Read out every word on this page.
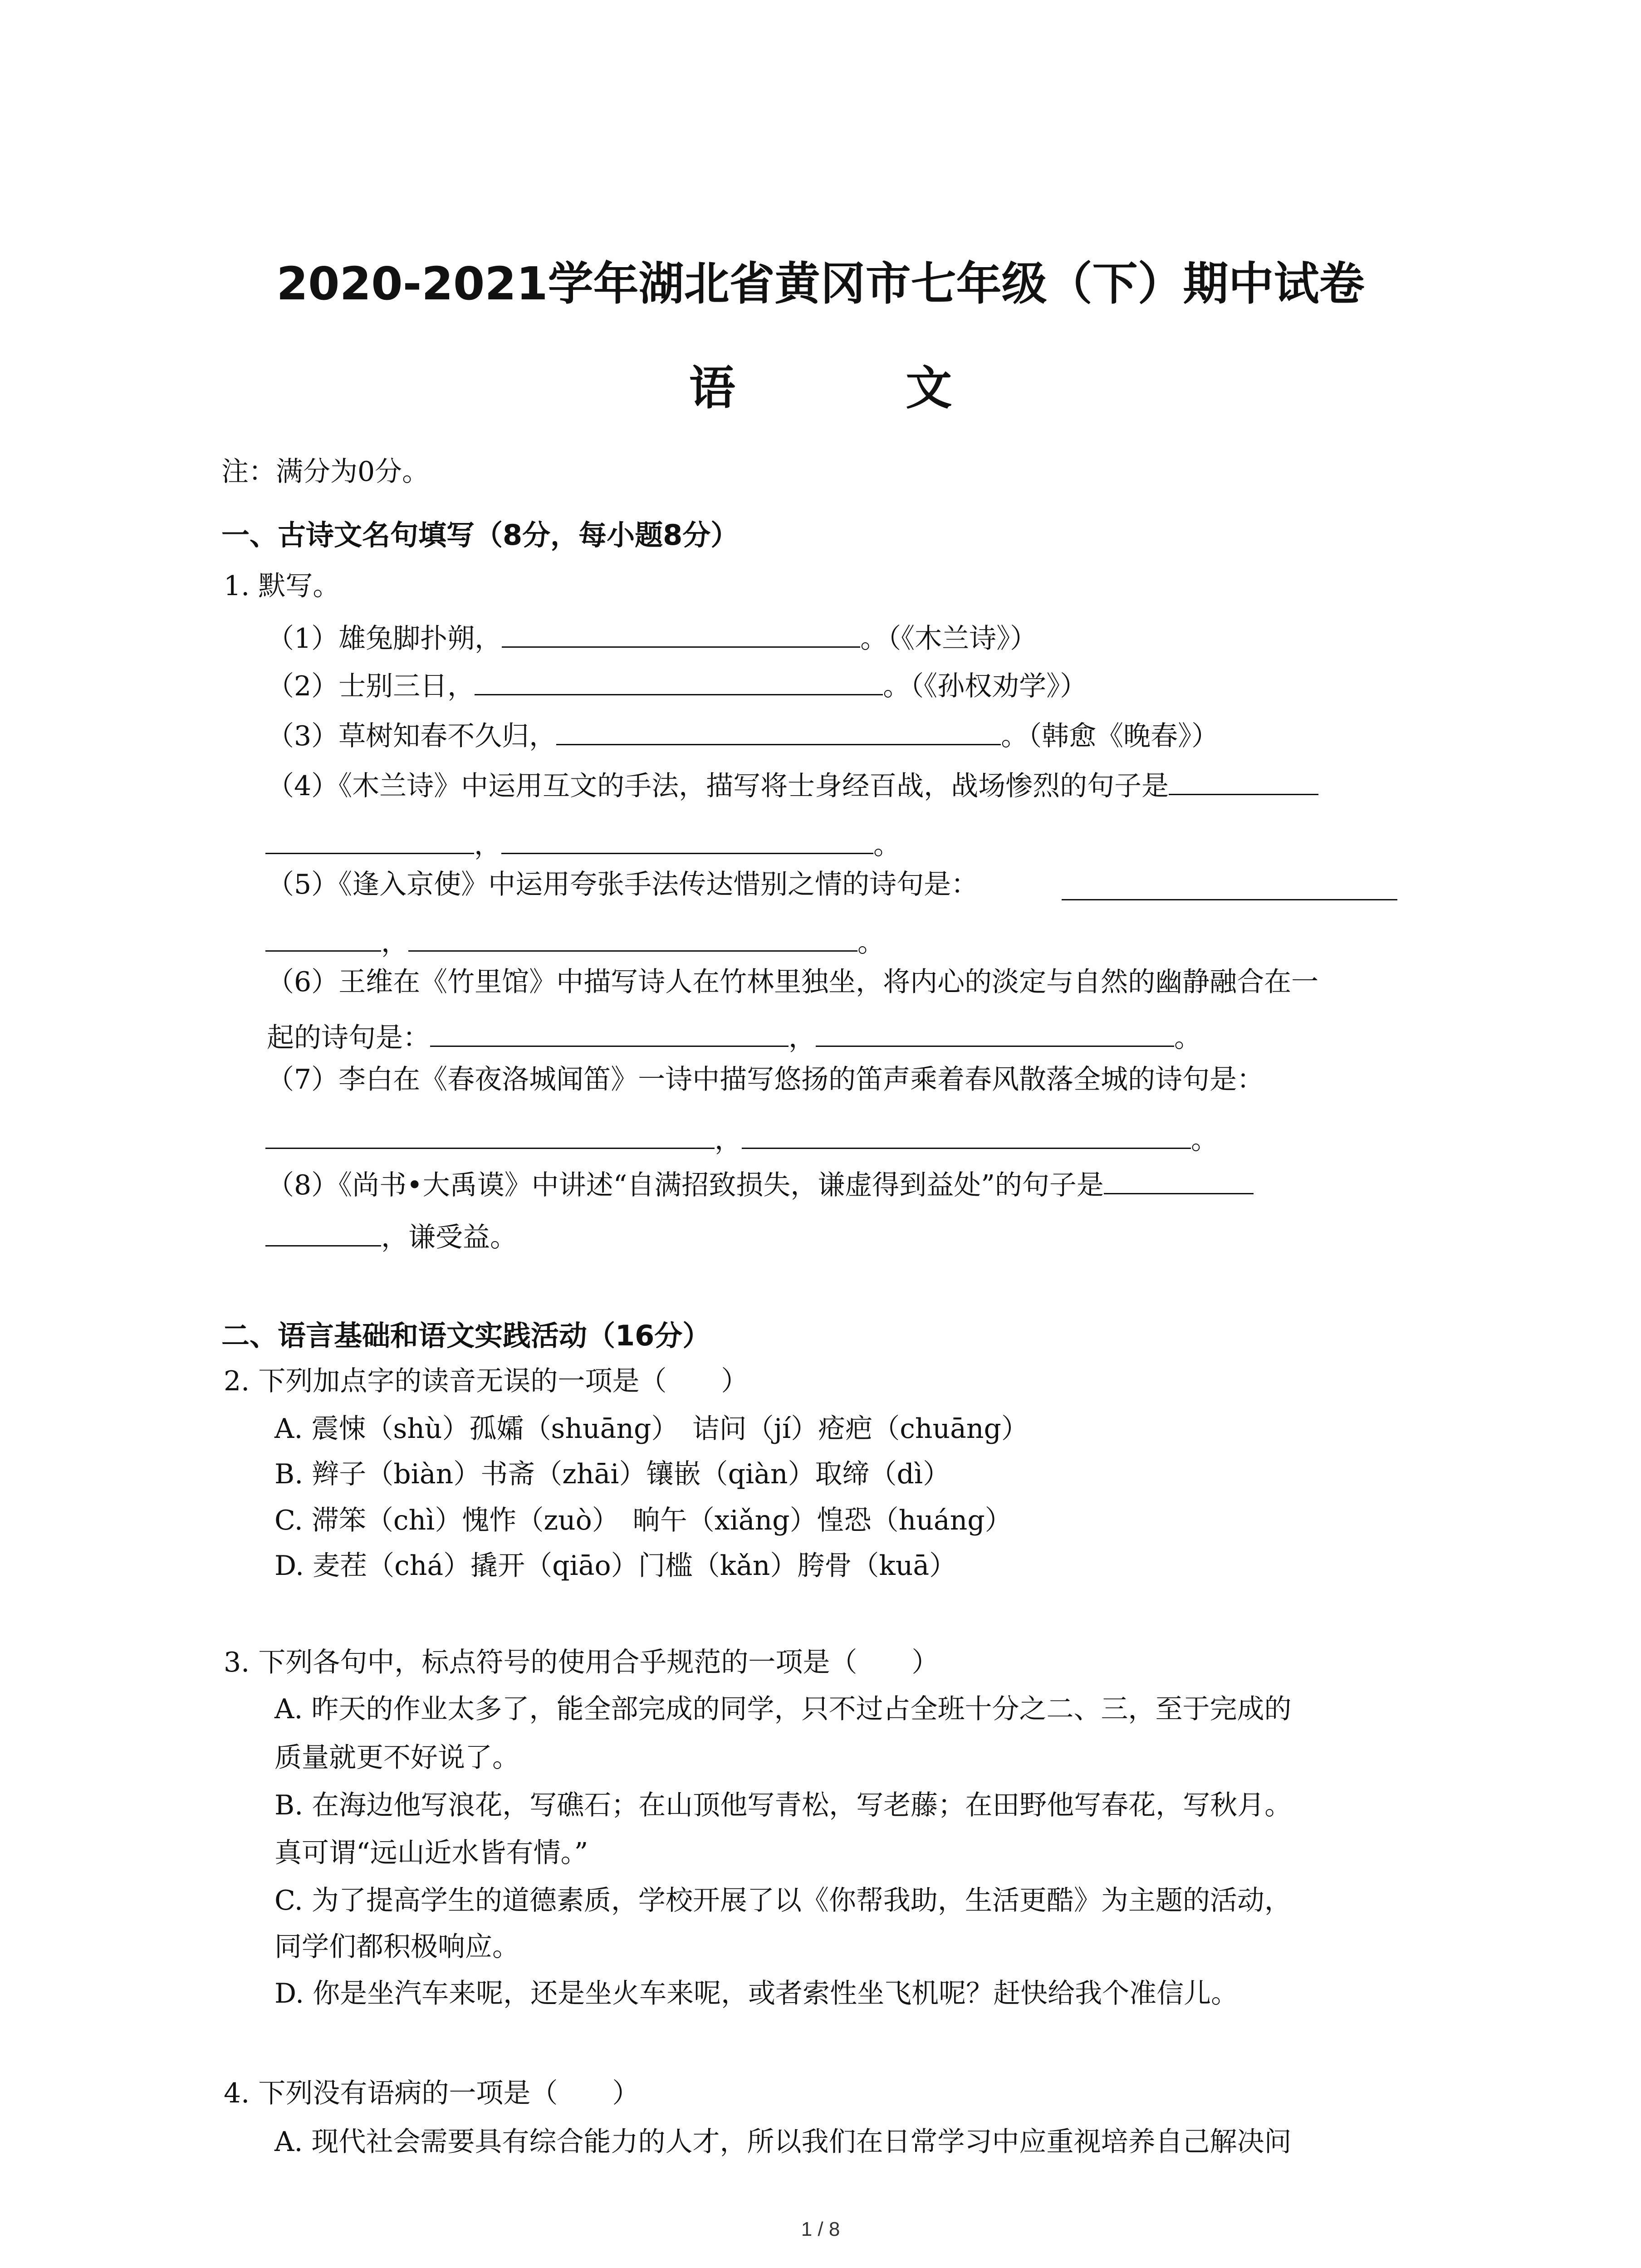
2020-2021学年湖北省黄冈市七年级（下）期中试卷
语 文
注：满分为0分。
一、古诗文名句填写（8分，每小题8分）
1. 默写。
（1）雄兔脚扑朔，	。（《木兰诗》）
（2）士别三日，	。（《孙权劝学》）
（3）草树知春不久归，	。（韩愈《晚春》）
（4）《木兰诗》中运用互文的手法，描写将士身经百战，战场惨烈的句子是
，	。
（5）《逢入京使》中运用夸张手法传达惜别之情的诗句是：
，	。
（6）王维在《竹里馆》中描写诗人在竹林里独坐，将内心的淡定与自然的幽静融合在一
起的诗句是：	，	。
（7）李白在《春夜洛城闻笛》一诗中描写悠扬的笛声乘着春风散落全城的诗句是：
，	。
（8）《尚书•大禹谟》中讲述“自满招致损失，谦虚得到益处”的句子是
，谦受益。
二、语言基础和语文实践活动（16分）
2. 下列加点字的读音无误的一项是（　　）
A. 震悚（shù）孤孀（shuāng）　诘问（jí）疮疤（chuāng）
B. 辫子（biàn）书斋（zhāi）镶嵌（qiàn）取缔（dì）
C. 滞笨（chì）愧怍（zuò）　晌午（xiǎng）惶恐（huáng）
D. 麦茬（chá）撬开（qiāo）门槛（kǎn）胯骨（kuā）
3. 下列各句中，标点符号的使用合乎规范的一项是（　　）
A. 昨天的作业太多了，能全部完成的同学，只不过占全班十分之二、三，至于完成的
质量就更不好说了。
B. 在海边他写浪花，写礁石；在山顶他写青松，写老藤；在田野他写春花，写秋月。
真可谓“远山近水皆有情。”
C. 为了提高学生的道德素质，学校开展了以《你帮我助，生活更酷》为主题的活动，
同学们都积极响应。
D. 你是坐汽车来呢，还是坐火车来呢，或者索性坐飞机呢？赶快给我个准信儿。
4. 下列没有语病的一项是（　　）
A. 现代社会需要具有综合能力的人才，所以我们在日常学习中应重视培养自己解决问
1 / 8
